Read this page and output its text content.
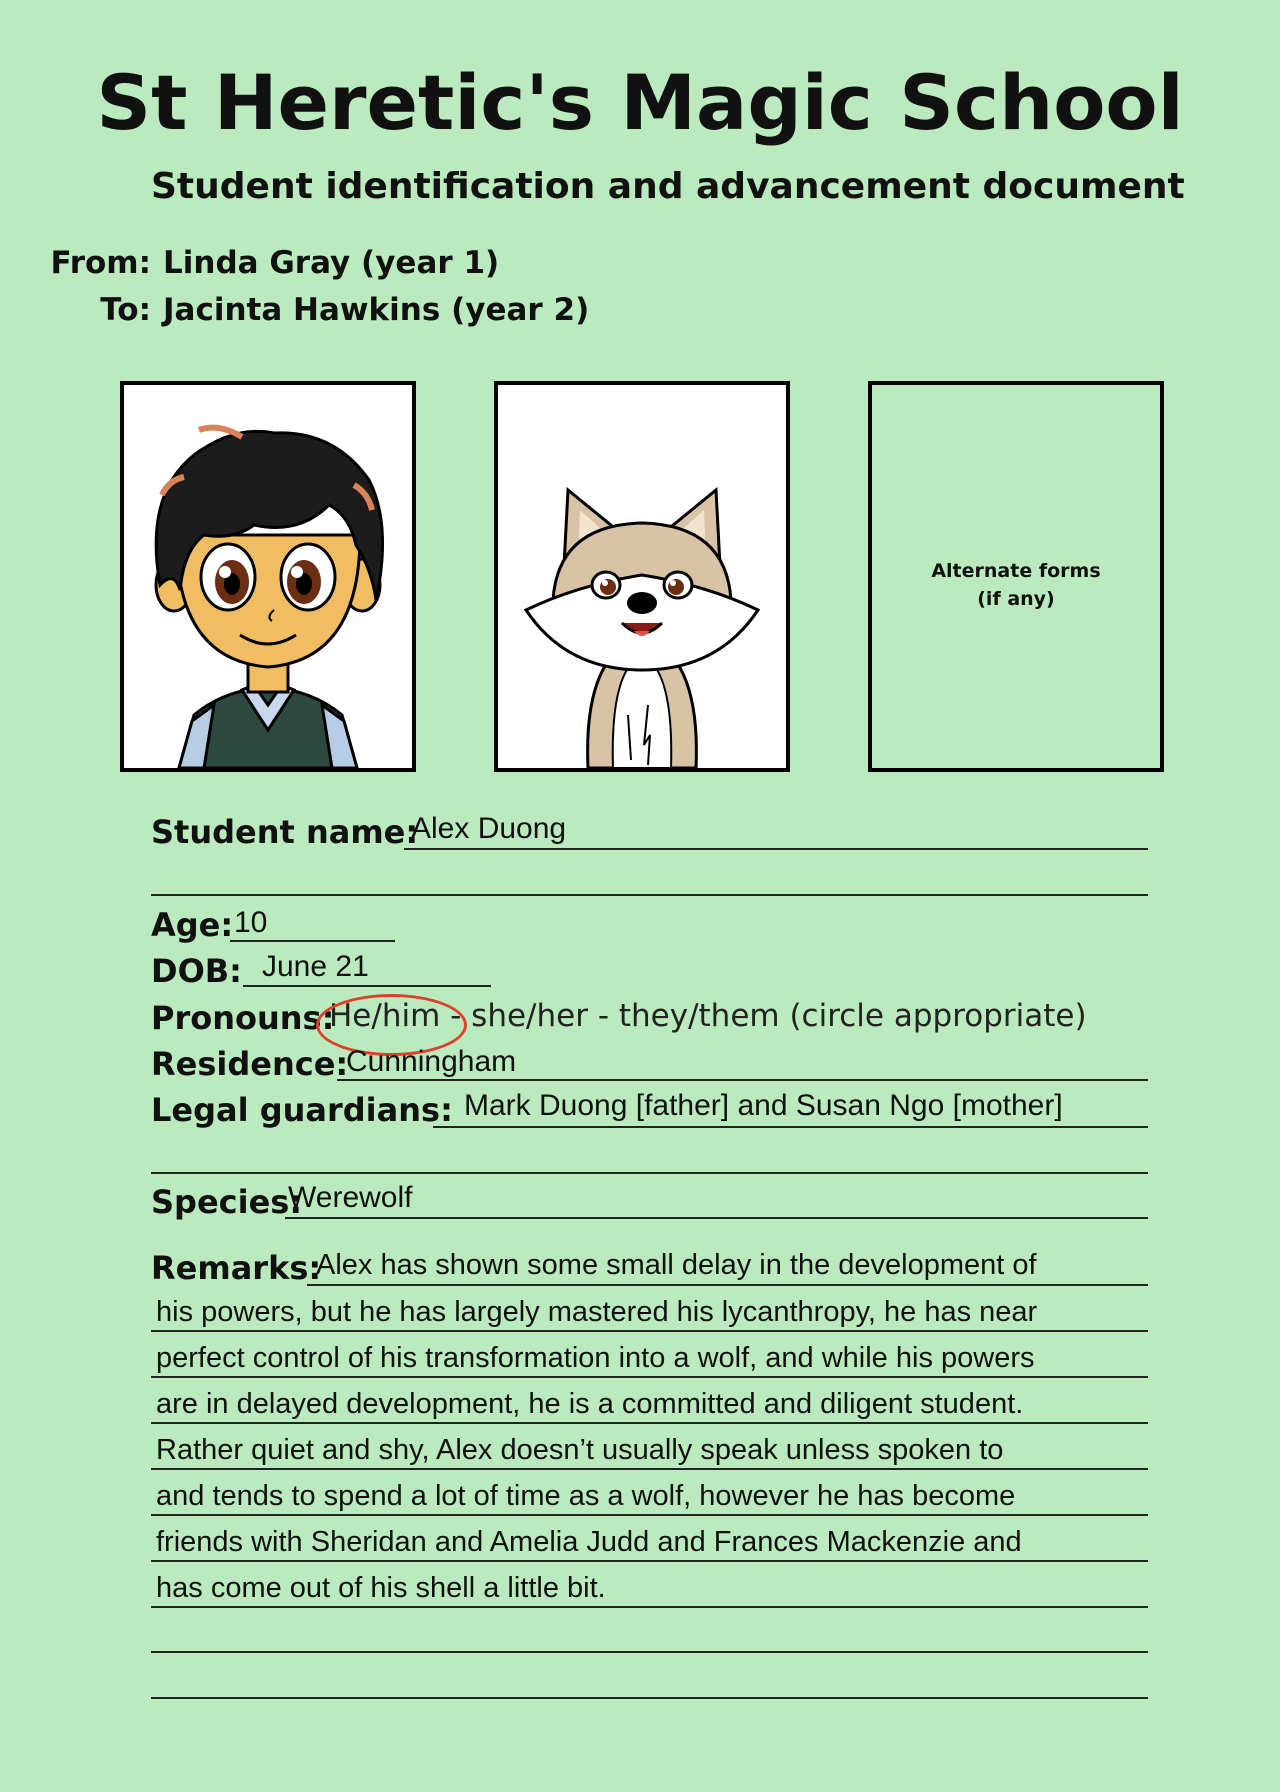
St Heretic's Magic School
Student identification and advancement document
From: Linda Gray (year 1)
To: Jacinta Hawkins (year 2)
Alternate forms
(if any)
Student name:
Alex Duong
Age: 10
DOB: June 21
Pronouns:
He/him - she/her - they/them (circle appropriate)
Residence:
Cunningham
Legal guardians: Mark Duong [father] and Susan Ngo [mother]
Species:
Werewolf
Remarks:
Alex has shown some small delay in the development of
his powers, but he has largely mastered his lycanthropy, he has near
perfect control of his transformation into a wolf, and while his powers
are in delayed development, he is a committed and diligent student.
Rather quiet and shy, Alex doesn’t usually speak unless spoken to
and tends to spend a lot of time as a wolf, however he has become
friends with Sheridan and Amelia Judd and Frances Mackenzie and
has come out of his shell a little bit.
